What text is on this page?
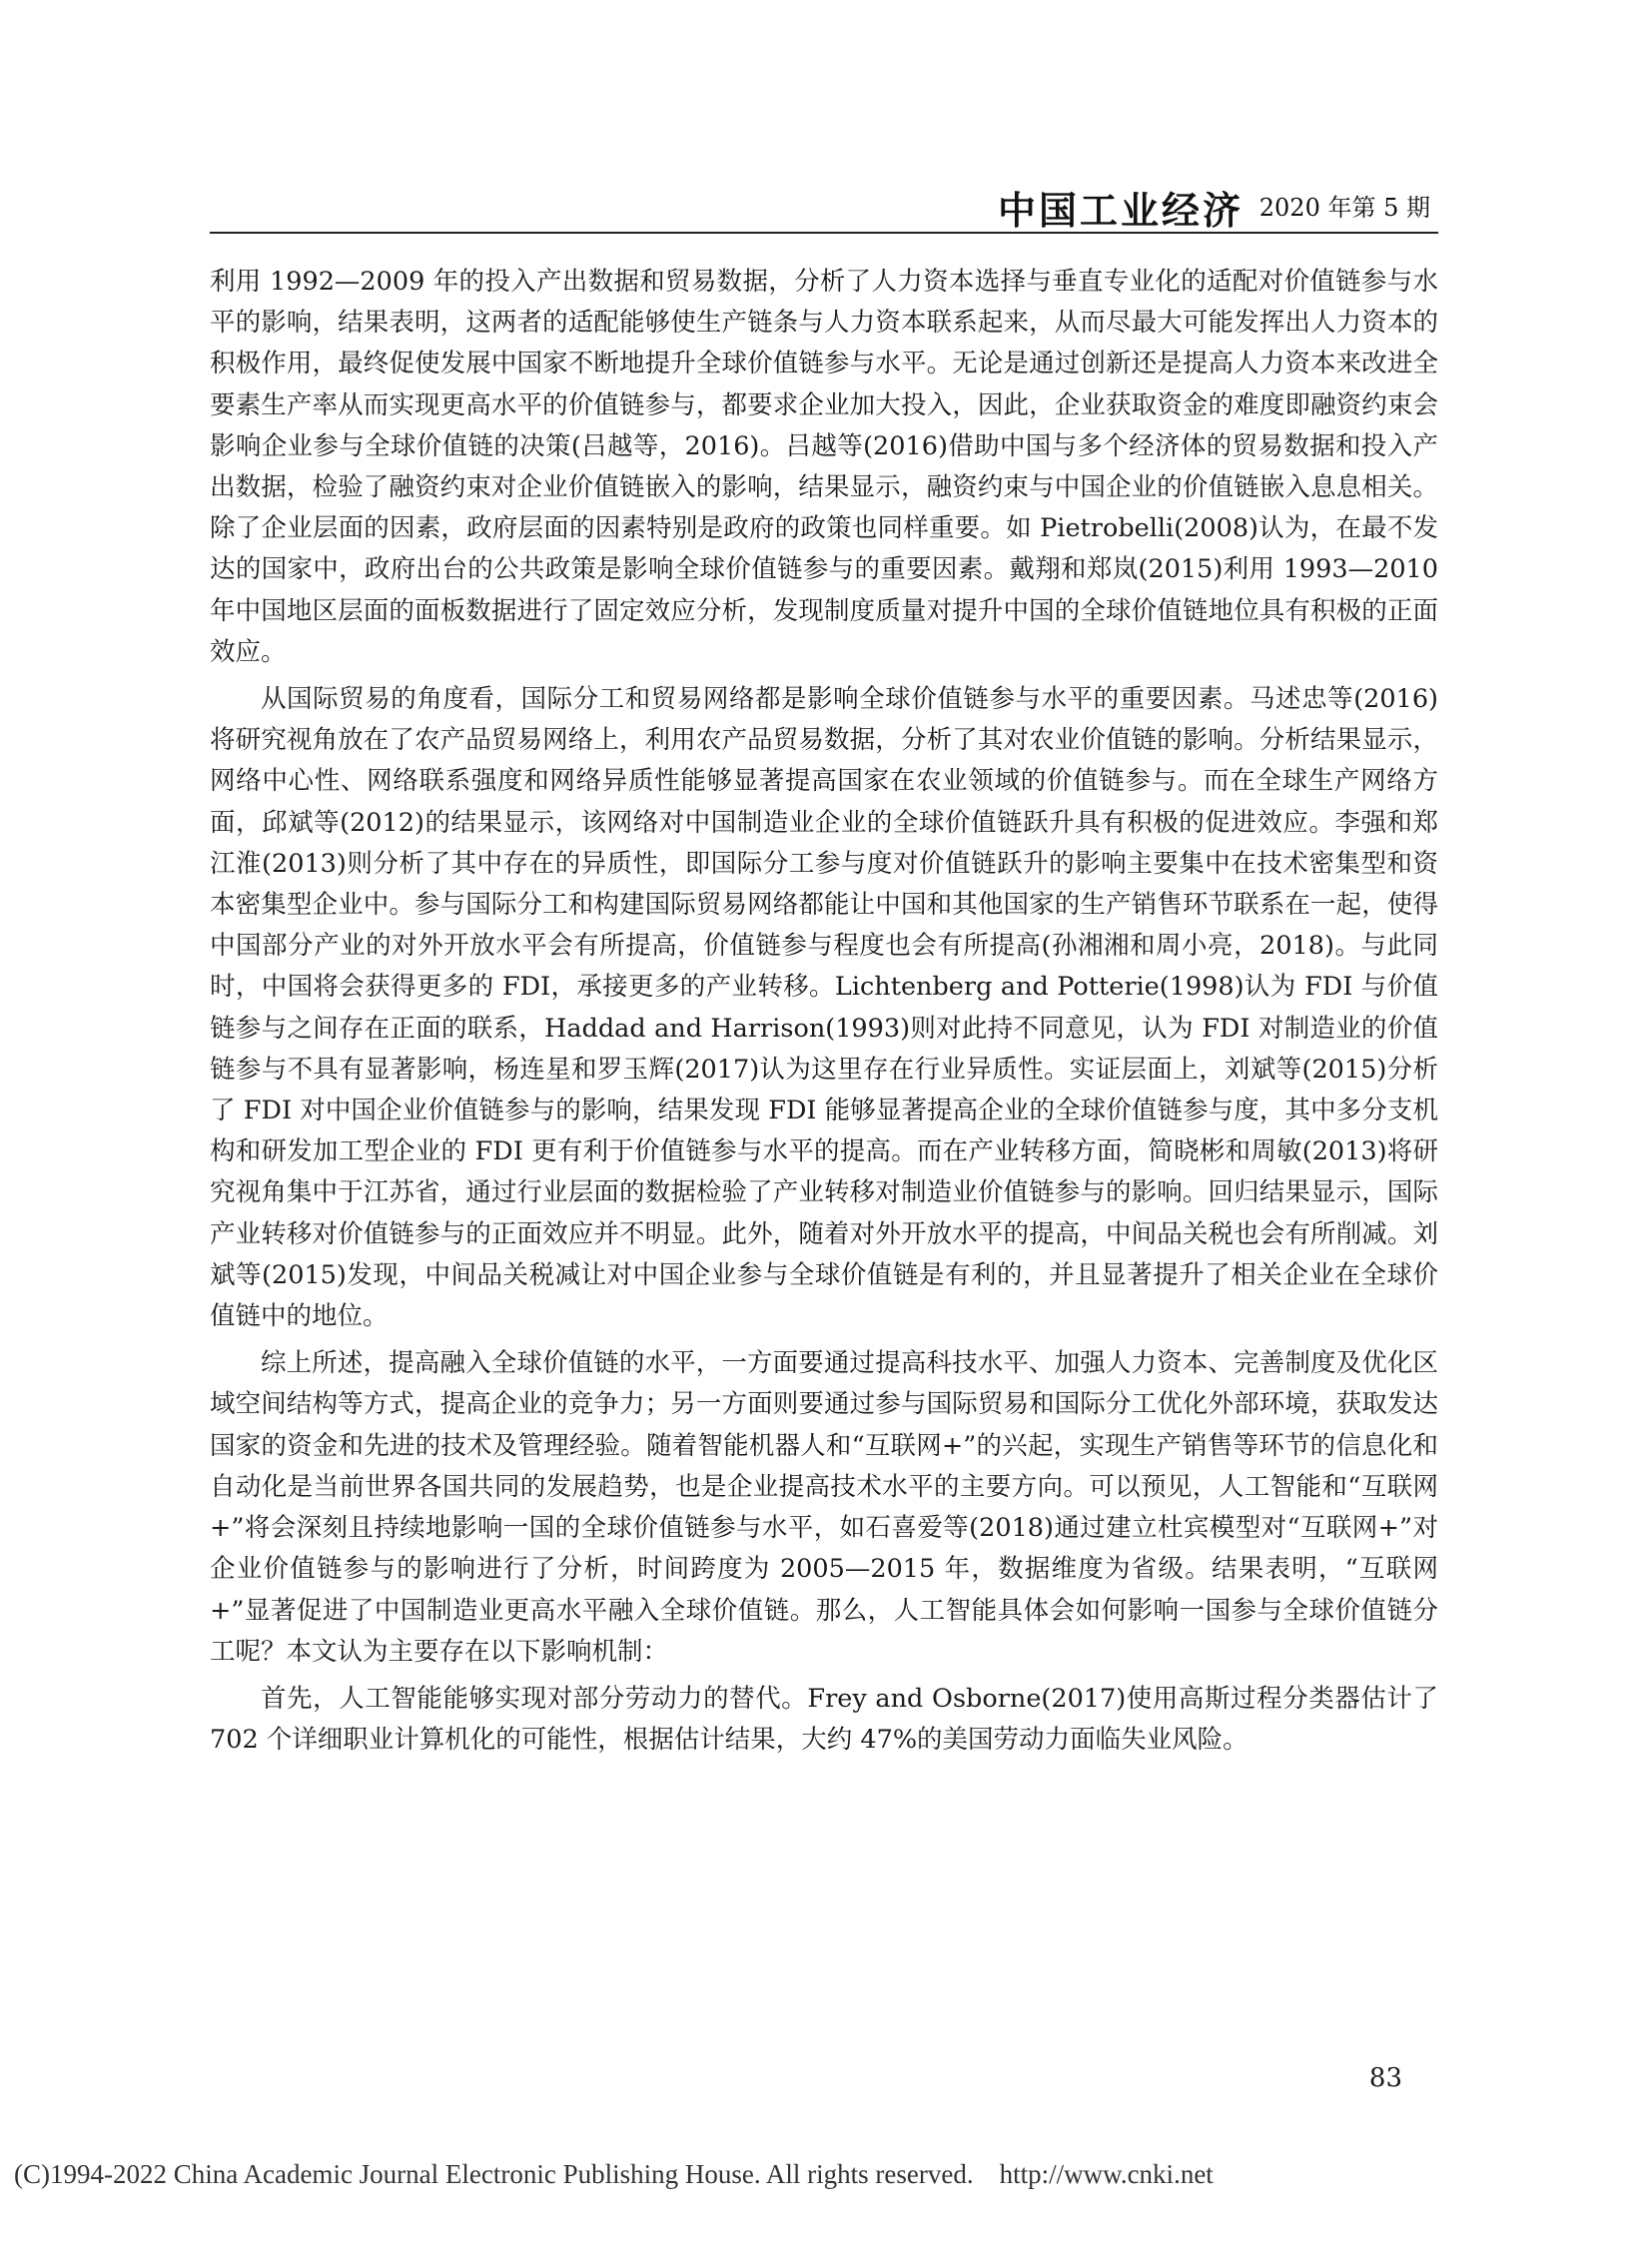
中国工业经济 2020 年第 5 期

利用 1992—2009 年的投入产出数据和贸易数据，分析了人力资本选择与垂直专业化的适配对价值链参与水平的影响，结果表明，这两者的适配能够使生产链条与人力资本联系起来，从而尽最大可能发挥出人力资本的积极作用，最终促使发展中国家不断地提升全球价值链参与水平。无论是通过创新还是提高人力资本来改进全要素生产率从而实现更高水平的价值链参与，都要求企业加大投入，因此，企业获取资金的难度即融资约束会影响企业参与全球价值链的决策(吕越等，2016)。吕越等(2016)借助中国与多个经济体的贸易数据和投入产出数据，检验了融资约束对企业价值链嵌入的影响，结果显示，融资约束与中国企业的价值链嵌入息息相关。除了企业层面的因素，政府层面的因素特别是政府的政策也同样重要。如 Pietrobelli(2008)认为，在最不发达的国家中，政府出台的公共政策是影响全球价值链参与的重要因素。戴翔和郑岚(2015)利用 1993—2010 年中国地区层面的面板数据进行了固定效应分析，发现制度质量对提升中国的全球价值链地位具有积极的正面效应。

从国际贸易的角度看，国际分工和贸易网络都是影响全球价值链参与水平的重要因素。马述忠等(2016)将研究视角放在了农产品贸易网络上，利用农产品贸易数据，分析了其对农业价值链的影响。分析结果显示，网络中心性、网络联系强度和网络异质性能够显著提高国家在农业领域的价值链参与。而在全球生产网络方面，邱斌等(2012)的结果显示，该网络对中国制造业企业的全球价值链跃升具有积极的促进效应。李强和郑江淮(2013)则分析了其中存在的异质性，即国际分工参与度对价值链跃升的影响主要集中在技术密集型和资本密集型企业中。参与国际分工和构建国际贸易网络都能让中国和其他国家的生产销售环节联系在一起，使得中国部分产业的对外开放水平会有所提高，价值链参与程度也会有所提高(孙湘湘和周小亮，2018)。与此同时，中国将会获得更多的 FDI，承接更多的产业转移。Lichtenberg and Potterie(1998)认为 FDI 与价值链参与之间存在正面的联系，Haddad and Harrison(1993)则对此持不同意见，认为 FDI 对制造业的价值链参与不具有显著影响，杨连星和罗玉辉(2017)认为这里存在行业异质性。实证层面上，刘斌等(2015)分析了 FDI 对中国企业价值链参与的影响，结果发现 FDI 能够显著提高企业的全球价值链参与度，其中多分支机构和研发加工型企业的 FDI 更有利于价值链参与水平的提高。而在产业转移方面，简晓彬和周敏(2013)将研究视角集中于江苏省，通过行业层面的数据检验了产业转移对制造业价值链参与的影响。回归结果显示，国际产业转移对价值链参与的正面效应并不明显。此外，随着对外开放水平的提高，中间品关税也会有所削减。刘斌等(2015)发现，中间品关税减让对中国企业参与全球价值链是有利的，并且显著提升了相关企业在全球价值链中的地位。

综上所述，提高融入全球价值链的水平，一方面要通过提高科技水平、加强人力资本、完善制度及优化区域空间结构等方式，提高企业的竞争力；另一方面则要通过参与国际贸易和国际分工优化外部环境，获取发达国家的资金和先进的技术及管理经验。随着智能机器人和“互联网+”的兴起，实现生产销售等环节的信息化和自动化是当前世界各国共同的发展趋势，也是企业提高技术水平的主要方向。可以预见，人工智能和“互联网+”将会深刻且持续地影响一国的全球价值链参与水平，如石喜爱等(2018)通过建立杜宾模型对“互联网+”对企业价值链参与的影响进行了分析，时间跨度为 2005—2015 年，数据维度为省级。结果表明，“互联网+”显著促进了中国制造业更高水平融入全球价值链。那么，人工智能具体会如何影响一国参与全球价值链分工呢？本文认为主要存在以下影响机制：

首先，人工智能能够实现对部分劳动力的替代。Frey and Osborne(2017)使用高斯过程分类器估计了 702 个详细职业计算机化的可能性，根据估计结果，大约 47%的美国劳动力面临失业风险。

83
(C)1994-2022 China Academic Journal Electronic Publishing House. All rights reserved. http://www.cnki.net
